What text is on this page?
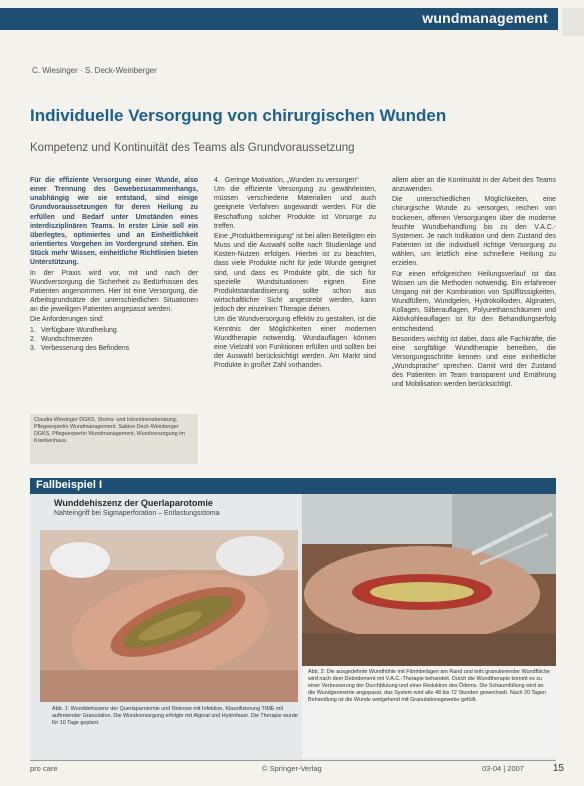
wundmanagement
C. Wiesinger · S. Deck-Weinberger
Individuelle Versorgung von chirurgischen Wunden
Kompetenz und Kontinuität des Teams als Grundvoraussetzung

Für die effiziente Versorgung einer Wunde, also einer Trennung des Gewebezusammenhangs, unabhängig wie sie entstand, sind einige Grundvoraussetzungen für deren Heilung zu erfüllen und Bedarf unter Umständen eines interdisziplinären Teams. In erster Linie soll ein überlegtes, optimiertes und an Einheitlichkeit orientiertes Vorgehen im Vordergrund stehen. Ein Stück mehr Wissen, einheitliche Richtlinien bieten Unterstützung.

In der Praxis wird vor, mit und nach der Wundversorgung die Sicherheit zu Bedürfnissen des Patienten angenommen. Hier ist eine Versorgung, die Arbeitsgrundsätze der unterschiedlichen Situationen an die jeweiligen Patienten angepasst werden.

Die Anforderungen sind:

1. Verfügbare Wundheilung
2. Wundschmerzen
3. Verbesserung des Befindens
Claudia Wiesinger DGKS, Stoma- und Inkontinenzberatung, Pflegeexpertin Wundmanagement. Sabine Deck-Weinberger DGKS, Pflegeexpertin Wundmanagement, Wundversorgung im Krankenhaus.
4. Geringe Motivation, „Wunden zu versorgen“

Um die effiziente Versorgung zu gewährleisten, müssen verschiedene Materialien und auch geeignete Verfahren angewandt werden. Für die Beschaffung solcher Produkte ist Vorsorge zu treffen.

Eine „Produktbereinigung“ ist bei allen Beteiligten ein Muss und die Auswahl sollte nach Studienlage und Kosten-Nutzen erfolgen. Hierbei ist zu beachten, dass viele Produkte nicht für jede Wunde geeignet sind, und dass es Produkte gibt, die sich für spezielle Wundsituationen eignen. Eine Produktstandardisierung sollte schon aus wirtschaftlicher Sicht angestrebt werden, kann jedoch der einzelnen Therapie dienen.

Um die Wundversorgung effektiv zu gestalten, ist die Kenntnis der Möglichkeiten einer modernen Wundtherapie notwendig. Wundauflagen können eine Vielzahl von Funktionen erfüllen und sollten bei der Auswahl berücksichtigt werden. Am Markt sind Produkte in großer Zahl vorhanden.

allem aber an die Kontinuität in der Arbeit des Teams anzuwenden.

Die unterschiedlichen Möglichkeiten, eine chirurgische Wunde zu versorgen, reichen von trockenen, offenen Versorgungen über die moderne feuchte Wundbehandlung bis zu den V.A.C.-Systemen. Je nach Indikation und dem Zustand des Patienten ist die individuell richtige Versorgung zu wählen, um letztlich eine schnellere Heilung zu erzielen.

Für einen erfolgreichen Heilungsverlauf ist das Wissen um die Methoden notwendig. Ein erfahrener Umgang mit der Kombination von Spülflüssigkeiten, Wundfüllern, Wundgelen, Hydrokolloiden, Alginaten, Kollagen, Silberauflagen, Polyurethanschäumen und Aktivkohleauflagen ist für den Behandlungserfolg entscheidend.

Besonders wichtig ist dabei, dass alle Fachkräfte, die eine sorgfältige Wundtherapie betreiben, die Versorgungsschritte kennen und eine einheitliche „Wundsprache“ sprechen. Damit wird der Zustand des Patienten im Team transparent und Ernährung und Mobilisation werden berücksichtigt.

Fallbeispiel I
Wunddehiszenz der Querlaparotomie
Nahteingriff bei Sigmaperforation – Entlastungsstoma
Abb. 1: Wunddehiszenz der Querlaparotomie und Nekrose mit Infektion, Klassifizierung TIME mit auftretender Granulation. Die Wundversorgung erfolgte mit Alginat und Hydrofaser. Die Therapie wurde für 10 Tage geplant.
Abb. 2: Die ausgedehnte Wundhöhle mit Fibrinbelägen am Rand und teils granulierender Wundfläche wird nach dem Debridement mit V.A.C.-Therapie behandelt. Durch die Wundtherapie kommt es zu einer Verbesserung der Durchblutung und einer Reduktion des Ödems. Die Schaumfüllung wird an die Wundgeometrie angepasst, das System wird alle 48 bis 72 Stunden gewechselt. Nach 20 Tagen Behandlung ist die Wunde weitgehend mit Granulationsgewebe gefüllt.
pro care	© Springer-Verlag	03-04 | 2007	15
